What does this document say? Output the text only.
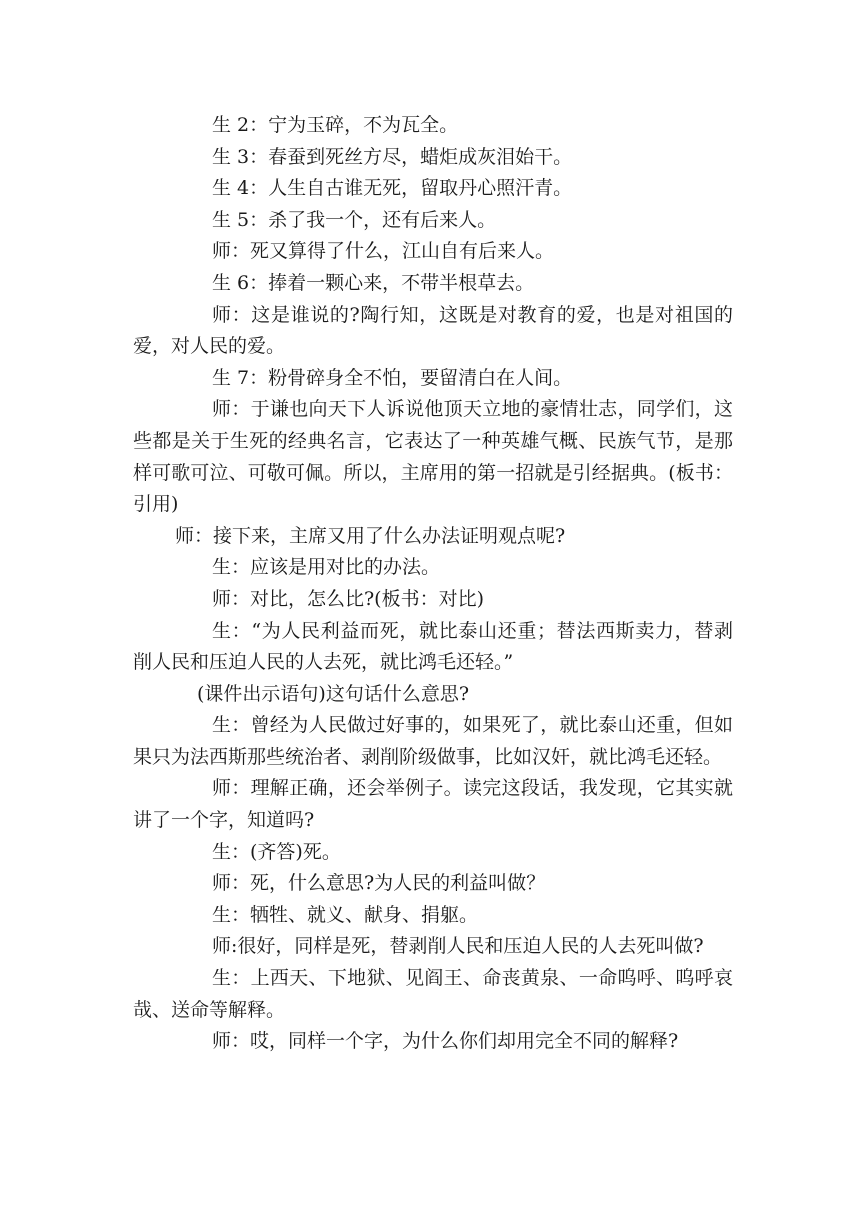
生 2：宁为玉碎，不为瓦全。

生 3：春蚕到死丝方尽，蜡炬成灰泪始干。

生 4：人生自古谁无死，留取丹心照汗青。

生 5：杀了我一个，还有后来人。

师：死又算得了什么，江山自有后来人。

生 6：捧着一颗心来，不带半根草去。

师：这是谁说的?陶行知，这既是对教育的爱，也是对祖国的爱，对人民的爱。

生 7：粉骨碎身全不怕，要留清白在人间。

师：于谦也向天下人诉说他顶天立地的豪情壮志，同学们，这些都是关于生死的经典名言，它表达了一种英雄气概、民族气节，是那样可歌可泣、可敬可佩。所以，主席用的第一招就是引经据典。(板书：引用)

师：接下来，主席又用了什么办法证明观点呢?

生：应该是用对比的办法。

师：对比，怎么比?(板书：对比)

生：“为人民利益而死，就比泰山还重；替法西斯卖力，替剥削人民和压迫人民的人去死，就比鸿毛还轻。”

(课件出示语句)这句话什么意思?

生：曾经为人民做过好事的，如果死了，就比泰山还重，但如果只为法西斯那些统治者、剥削阶级做事，比如汉奸，就比鸿毛还轻。

师：理解正确，还会举例子。读完这段话，我发现，它其实就讲了一个字，知道吗?

生：(齐答)死。

师：死，什么意思?为人民的利益叫做？

生：牺牲、就义、献身、捐躯。

师:很好，同样是死，替剥削人民和压迫人民的人去死叫做?

生：上西天、下地狱、见阎王、命丧黄泉、一命呜呼、呜呼哀哉、送命等解释。

师：哎，同样一个字，为什么你们却用完全不同的解释?
